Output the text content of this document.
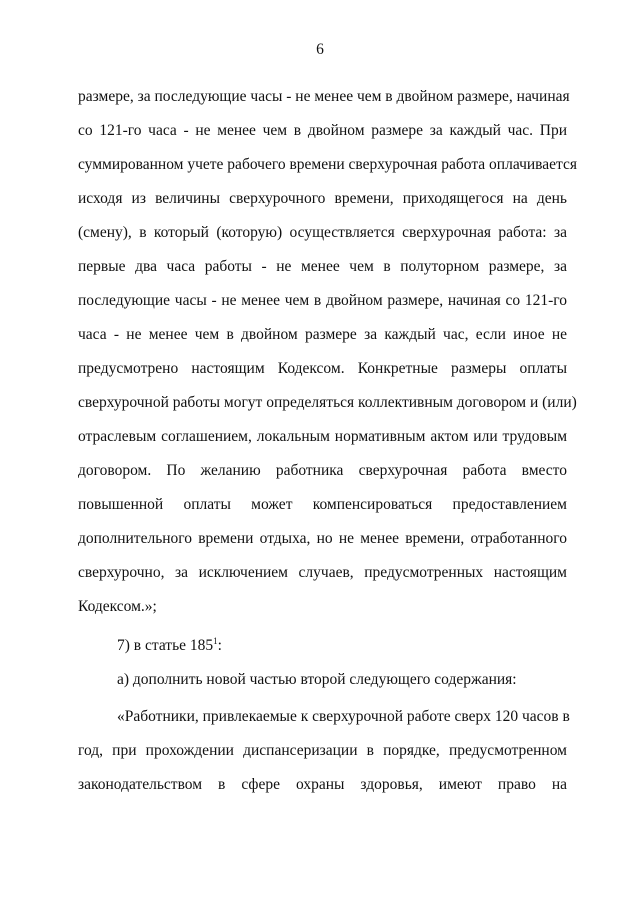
6
размере, за последующие часы - не менее чем в двойном размере, начиная
со 121-го часа - не менее чем в двойном размере за каждый час. При
суммированном учете рабочего времени сверхурочная работа оплачивается
исходя из величины сверхурочного времени, приходящегося на день
(смену), в который (которую) осуществляется сверхурочная работа: за
первые два часа работы - не менее чем в полуторном размере, за
последующие часы - не менее чем в двойном размере, начиная со 121-го
часа - не менее чем в двойном размере за каждый час, если иное не
предусмотрено настоящим Кодексом. Конкретные размеры оплаты
сверхурочной работы могут определяться коллективным договором и (или)
отраслевым соглашением, локальным нормативным актом или трудовым
договором. По желанию работника сверхурочная работа вместо
повышенной оплаты может компенсироваться предоставлением
дополнительного времени отдыха, но не менее времени, отработанного
сверхурочно, за исключением случаев, предусмотренных настоящим
Кодексом.»;
7) в статье $185^1$:
а) дополнить новой частью второй следующего содержания:
«Работники, привлекаемые к сверхурочной работе сверх 120 часов в
год, при прохождении диспансеризации в порядке, предусмотренном
законодательством в сфере охраны здоровья, имеют право на
